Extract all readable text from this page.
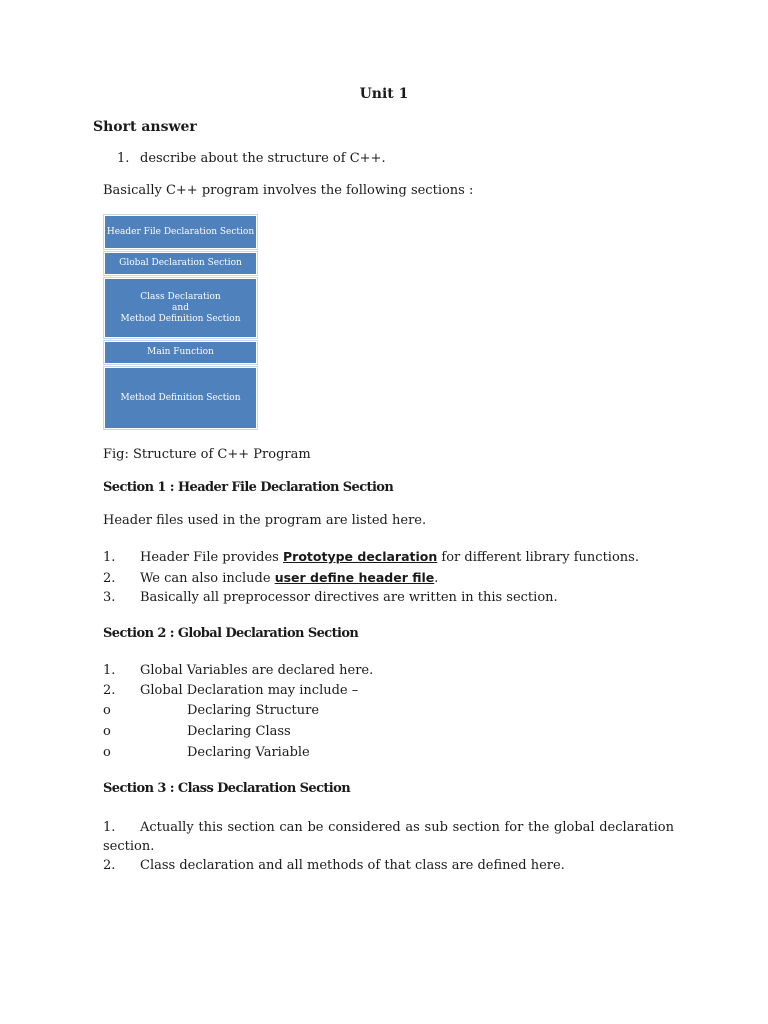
Unit 1
Short answer
1. describe about the structure of C++.
Basically C++ program involves the following sections :
Header File Declaration Section
Global Declaration Section
Class Declaration
and
Method Definition Section
Main Function
Method Definition Section
Fig: Structure of C++ Program
Section 1 : Header File Declaration Section
Header files used in the program are listed here.
1. Header File provides Prototype declaration for different library functions.
2. We can also include user define header file.
3. Basically all preprocessor directives are written in this section.
Section 2 : Global Declaration Section
1. Global Variables are declared here.
2. Global Declaration may include –
o	Declaring Structure
o	Declaring Class
o	Declaring Variable
Section 3 : Class Declaration Section
1. Actually this section can be considered as sub section for the global declaration section.
2. Class declaration and all methods of that class are defined here.
